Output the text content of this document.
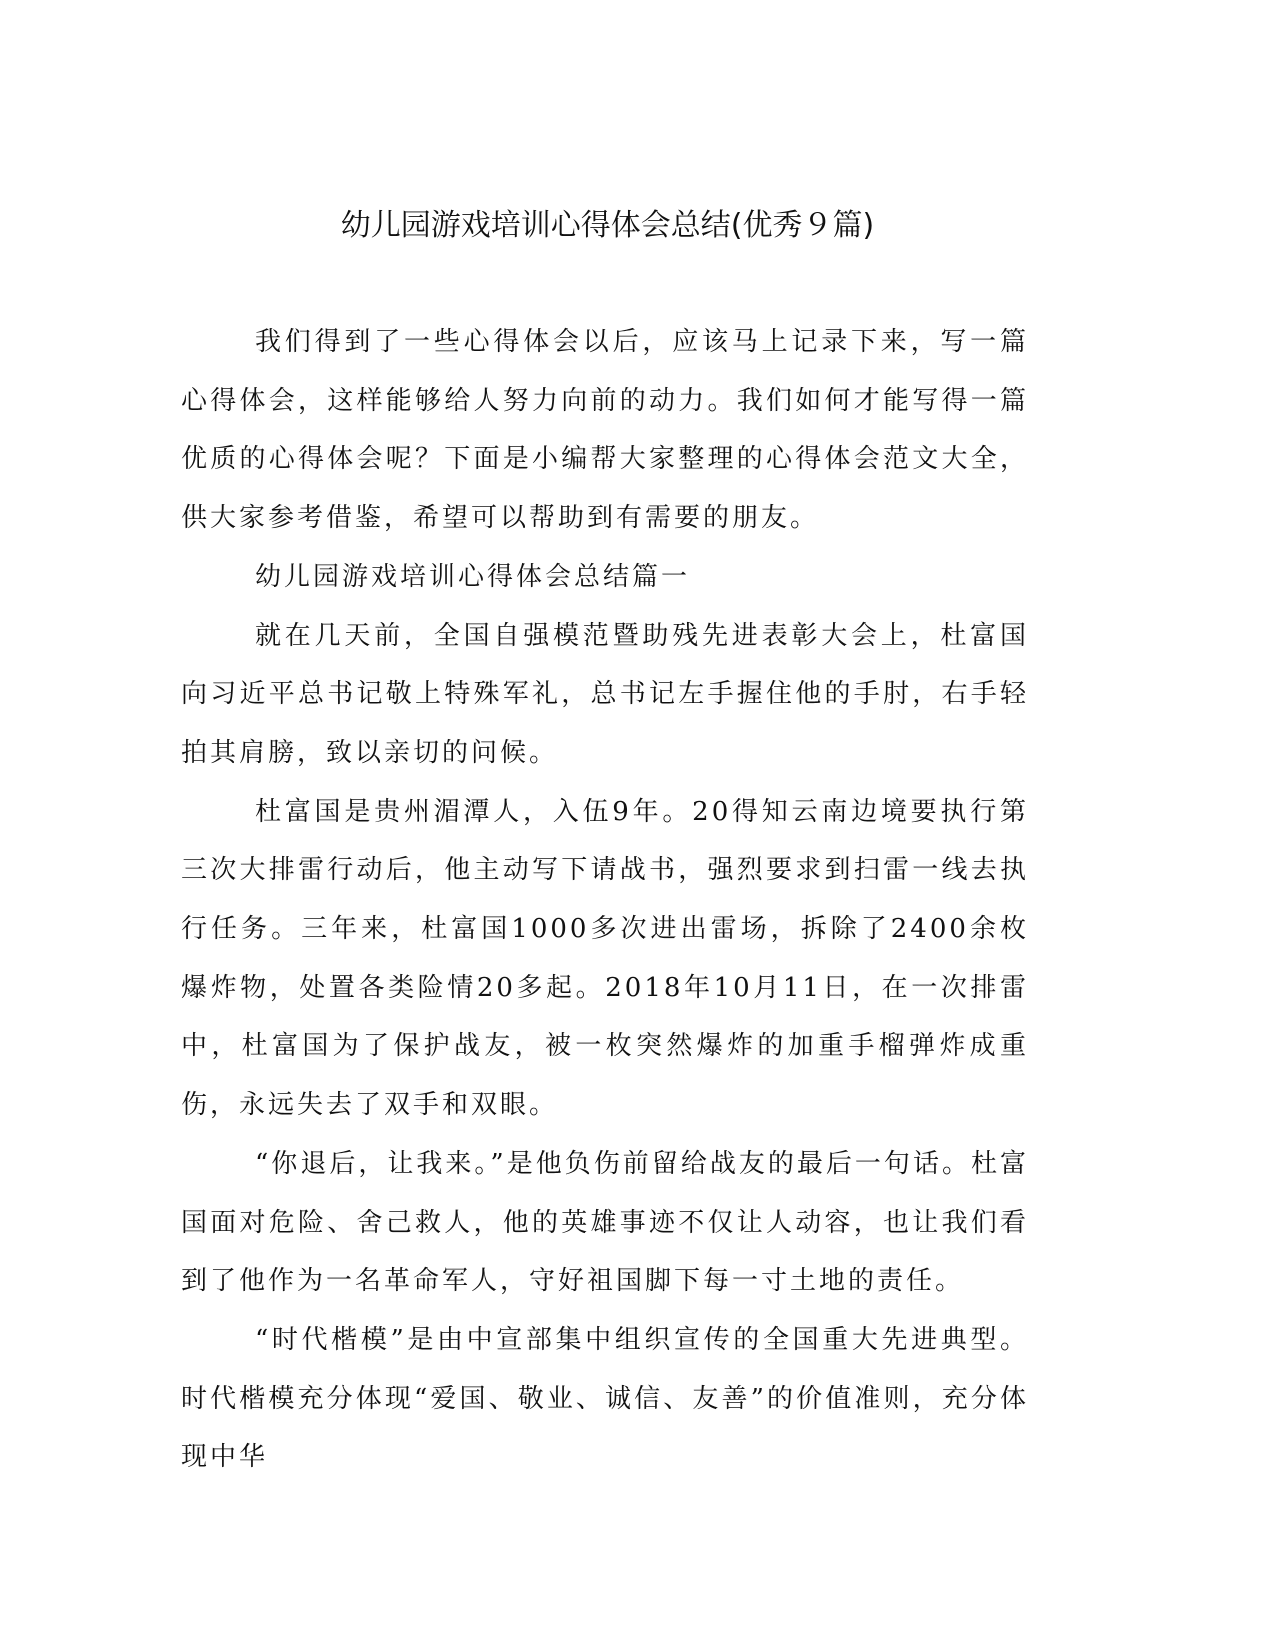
幼儿园游戏培训心得体会总结(优秀９篇)

我们得到了一些心得体会以后，应该马上记录下来，写一篇心得体会，这样能够给人努力向前的动力。我们如何才能写得一篇优质的心得体会呢？下面是小编帮大家整理的心得体会范文大全，供大家参考借鉴，希望可以帮助到有需要的朋友。

幼儿园游戏培训心得体会总结篇一

就在几天前，全国自强模范暨助残先进表彰大会上，杜富国向习近平总书记敬上特殊军礼，总书记左手握住他的手肘，右手轻拍其肩膀，致以亲切的问候。

杜富国是贵州湄潭人，入伍9年。20得知云南边境要执行第三次大排雷行动后，他主动写下请战书，强烈要求到扫雷一线去执行任务。三年来，杜富国1000多次进出雷场，拆除了2400余枚爆炸物，处置各类险情20多起。2018年10月11日，在一次排雷中，杜富国为了保护战友，被一枚突然爆炸的加重手榴弹炸成重伤，永远失去了双手和双眼。

“你退后，让我来。”是他负伤前留给战友的最后一句话。杜富国面对危险、舍己救人，他的英雄事迹不仅让人动容，也让我们看到了他作为一名革命军人，守好祖国脚下每一寸土地的责任。

“时代楷模”是由中宣部集中组织宣传的全国重大先进典型。时代楷模充分体现“爱国、敬业、诚信、友善”的价值准则，充分体现中华
